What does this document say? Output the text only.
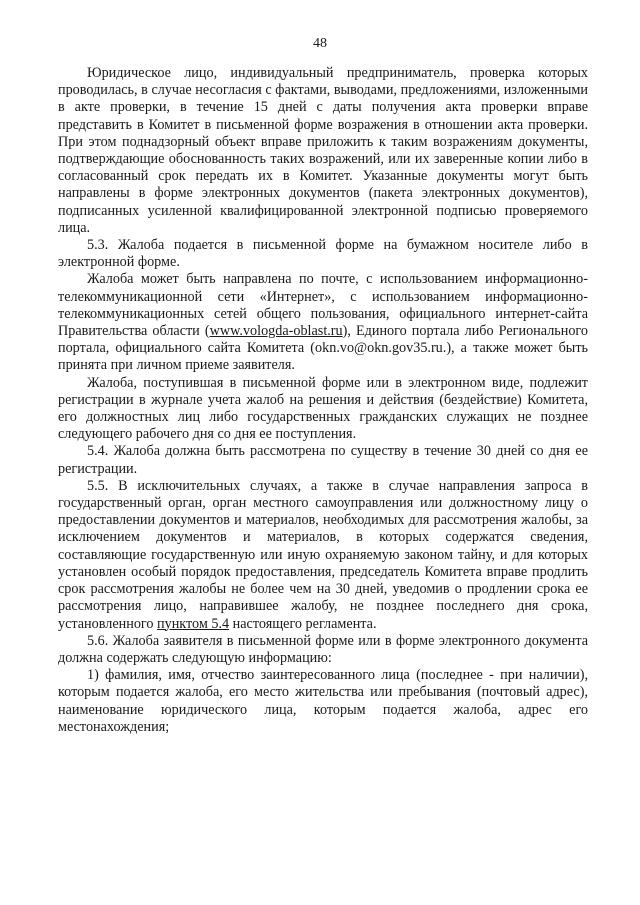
48

Юридическое лицо, индивидуальный предприниматель, проверка которых проводилась, в случае несогласия с фактами, выводами, предложениями, изложенными в акте проверки, в течение 15 дней с даты получения акта проверки вправе представить в Комитет в письменной форме возражения в отношении акта проверки. При этом поднадзорный объект вправе приложить к таким возражениям документы, подтверждающие обоснованность таких возражений, или их заверенные копии либо в согласованный срок передать их в Комитет. Указанные документы могут быть направлены в форме электронных документов (пакета электронных документов), подписанных усиленной квалифицированной электронной подписью проверяемого лица.

5.3. Жалоба подается в письменной форме на бумажном носителе либо в электронной форме.

Жалоба может быть направлена по почте, с использованием информационно-телекоммуникационной сети «Интернет», с использованием информационно-телекоммуникационных сетей общего пользования, официального интернет-сайта Правительства области (www.vologda-oblast.ru), Единого портала либо Регионального портала, официального сайта Комитета (okn.vo@okn.gov35.ru.), а также может быть принята при личном приеме заявителя.

Жалоба, поступившая в письменной форме или в электронном виде, подлежит регистрации в журнале учета жалоб на решения и действия (бездействие) Комитета, его должностных лиц либо государственных гражданских служащих не позднее следующего рабочего дня со дня ее поступления.

5.4. Жалоба должна быть рассмотрена по существу в течение 30 дней со дня ее регистрации.

5.5. В исключительных случаях, а также в случае направления запроса в государственный орган, орган местного самоуправления или должностному лицу о предоставлении документов и материалов, необходимых для рассмотрения жалобы, за исключением документов и материалов, в которых содержатся сведения, составляющие государственную или иную охраняемую законом тайну, и для которых установлен особый порядок предоставления, председатель Комитета вправе продлить срок рассмотрения жалобы не более чем на 30 дней, уведомив о продлении срока ее рассмотрения лицо, направившее жалобу, не позднее последнего дня срока, установленного пунктом 5.4 настоящего регламента.

5.6. Жалоба заявителя в письменной форме или в форме электронного документа должна содержать следующую информацию:

1) фамилия, имя, отчество заинтересованного лица (последнее - при наличии), которым подается жалоба, его место жительства или пребывания (почтовый адрес), наименование юридического лица, которым подается жалоба, адрес его местонахождения;
